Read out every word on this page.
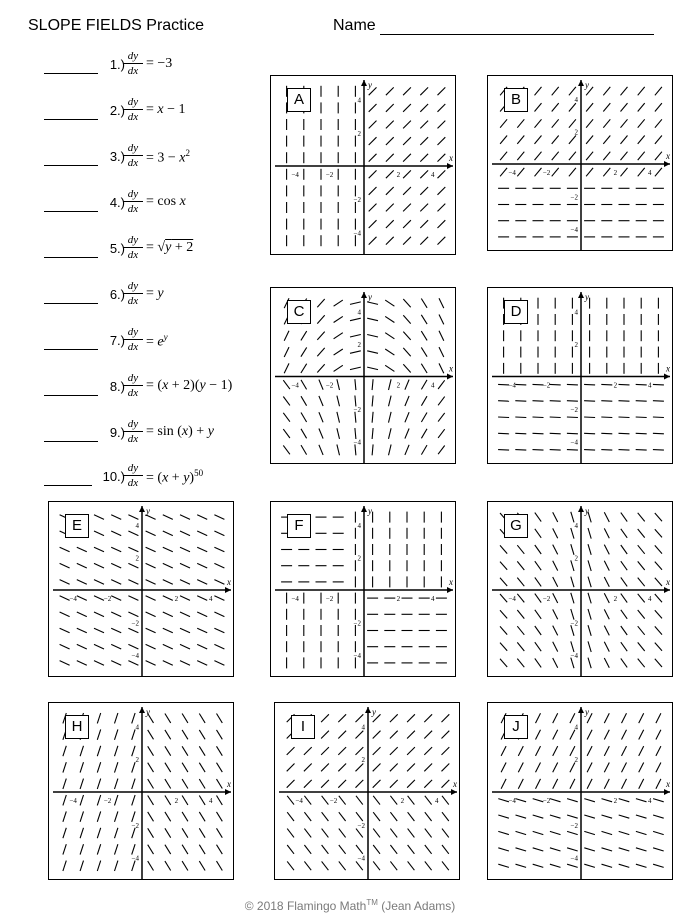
SLOPE FIELDS Practice	Name
1.)
$\frac{dy}{dx} = -3$
2.)
$\frac{dy}{dx} = x - 1$
3.)
$\frac{dy}{dx} = 3 - x^2$
4.)
$\frac{dy}{dx} = \cos x$
5.)
$\frac{dy}{dx} = √y + 2$
6.)
$\frac{dy}{dx} = y$
7.)
$\frac{dy}{dx} = e^y$
8.)
$\frac{dy}{dx} = (x + 2)(y - 1)$
9.)
$\frac{dy}{dx} = \sin (x) + y$
10.)
$\frac{dy}{dx} = (x + y)^{50}$
−4	−2	2	4
4
2
−2
−4
x
y
A
−4	−2	2	4
4
2
−2
−4
x
y
B
−4	−2	2	4
4
2
−2
−4
x
y
C
−4	−2	2	4
4
2
−2
−4
x
y
D
−4	−2	2	4
4
2
−2
−4
x
y
E
−4	−2	2	4
4
2
−2
−4
x
y
F
−4	−2	2	4
4
2
−2
−4
x
y
G
−4	−2	2	4
4
2
−2
−4
x
y
H
−4	−2	2	4
4
2
−2
−4
x
y
I
−4	−2	2	4
4
2
−2
−4
x
y
J
© 2018 Flamingo Math™ (Jean Adams)
